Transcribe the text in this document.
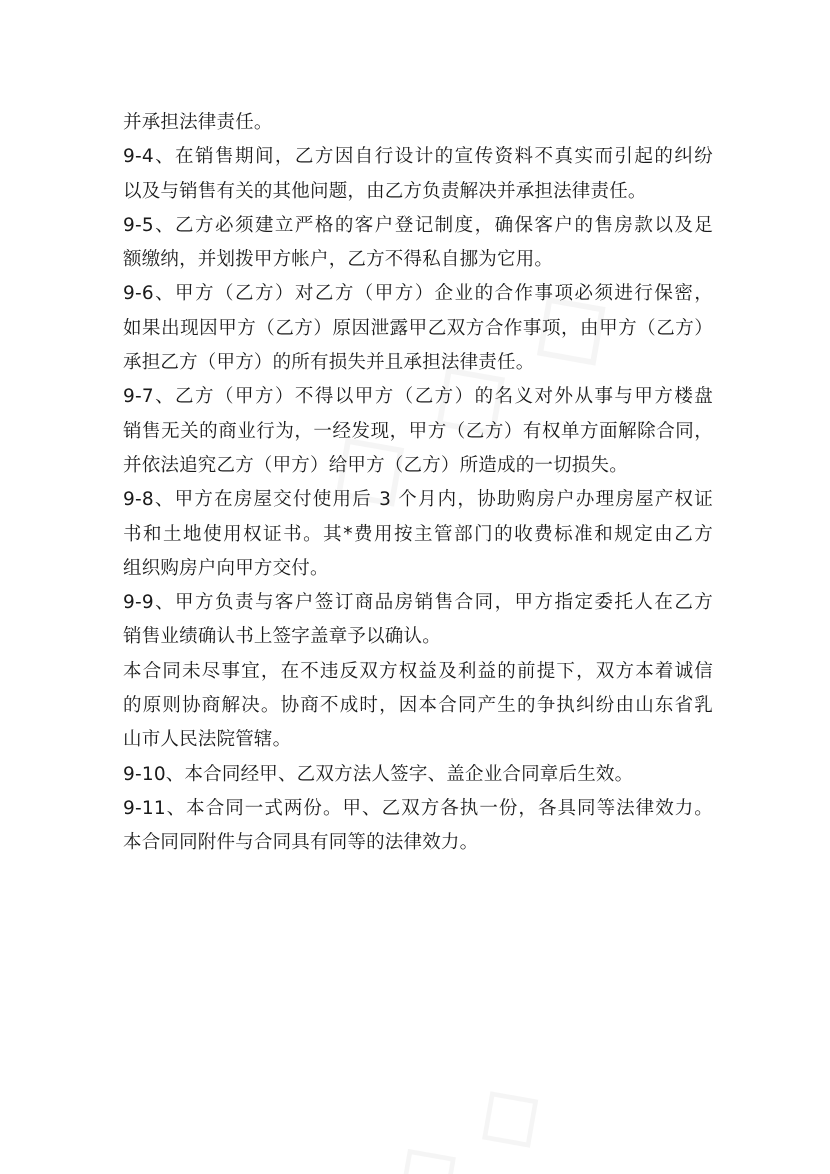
并承担法律责任。
9-4、在销售期间，乙方因自行设计的宣传资料不真实而引起的纠纷
以及与销售有关的其他问题，由乙方负责解决并承担法律责任。
9-5、乙方必须建立严格的客户登记制度，确保客户的售房款以及足
额缴纳，并划拨甲方帐户，乙方不得私自挪为它用。
9-6、甲方（乙方）对乙方（甲方）企业的合作事项必须进行保密，
如果出现因甲方（乙方）原因泄露甲乙双方合作事项，由甲方（乙方）
承担乙方（甲方）的所有损失并且承担法律责任。
9-7、乙方（甲方）不得以甲方（乙方）的名义对外从事与甲方楼盘
销售无关的商业行为，一经发现，甲方（乙方）有权单方面解除合同，
并依法追究乙方（甲方）给甲方（乙方）所造成的一切损失。
9-8、甲方在房屋交付使用后 3 个月内，协助购房户办理房屋产权证
书和土地使用权证书。其*费用按主管部门的收费标准和规定由乙方
组织购房户向甲方交付。
9-9、甲方负责与客户签订商品房销售合同，甲方指定委托人在乙方
销售业绩确认书上签字盖章予以确认。
本合同未尽事宜，在不违反双方权益及利益的前提下，双方本着诚信
的原则协商解决。协商不成时，因本合同产生的争执纠纷由山东省乳
山市人民法院管辖。
9-10、本合同经甲、乙双方法人签字、盖企业合同章后生效。
9-11、本合同一式两份。甲、乙双方各执一份，各具同等法律效力。
本合同同附件与合同具有同等的法律效力。
